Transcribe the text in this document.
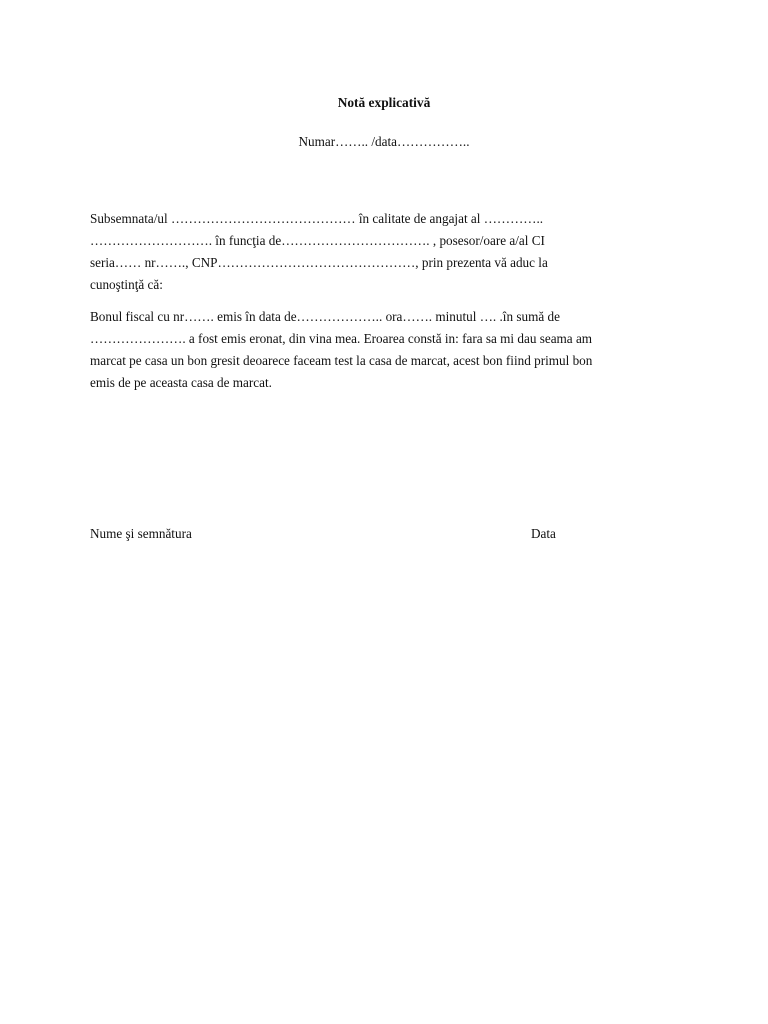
Notă explicativă
Numar…….. /data……………..
Subsemnata/ul …………………………………… în calitate de angajat al …………..
………………………. în funcţia de……………………………. , posesor/oare a/al CI
seria…… nr……., CNP………………………………………, prin prezenta vă aduc la
cunoştinţă că:
Bonul fiscal cu nr……. emis în data de……………….. ora……. minutul …. .în sumă de
…………………. a fost emis eronat, din vina mea. Eroarea constă in: fara sa mi dau seama am
marcat pe casa un bon gresit deoarece faceam test la casa de marcat, acest bon fiind primul bon
emis de pe aceasta casa de marcat.
Nume şi semnătura	Data
